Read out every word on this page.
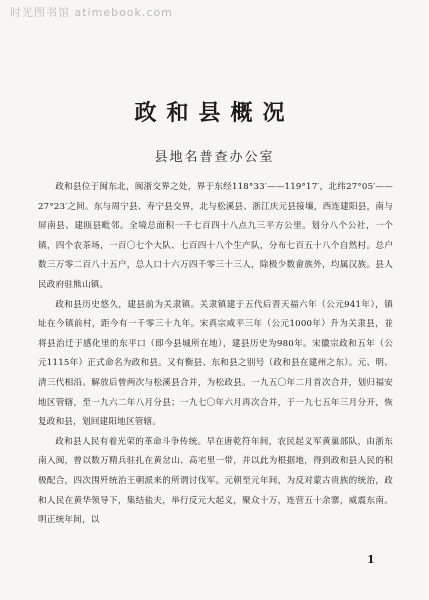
时光图书馆 atimebook.com
政和县概况
县地名普查办公室

政和县位于闽东北，闽浙交界之处，界于东经118°33′——119°17′，北纬27°05′——27°23′之间。东与周宁县、寿宁县交界，北与松溪县、浙江庆元县接壤，西连建阳县，南与屏南县、建瓯县毗邻。全境总面积一千七百四十八点九三平方公里。划分八个公社，一个镇，四个农茶场，一百〇七个大队、七百四十八个生产队，分布七百五十八个自然村。总户数三万零二百八十五户，总人口十六万四千零三十三人，除极少数畲族外，均属汉族。县人民政府驻熊山镇。

政和县历史悠久，建县前为关隶镇。关隶镇建于五代后晋天福六年（公元941年），镇址在今镇前村，距今有一千零三十九年。宋真宗咸平三年（公元1000年）升为关隶县，並将县治迁于感化里的东平口（即今县城所在地），建县历史为980年。宋徽宗政和五年（公元1115年）正式命名为政和县。又有衡县、东和县之别号（政和县在建州之东）。元、明、清三代相沿。解放后曾两次与松溪县合并，为松政县。一九五〇年二月首次合并，划归福安地区管辖，至一九六二年八月分县；一九七〇年六月再次合并，于一九七五年三月分开，恢复政和县，划回建阳地区管辖。

政和县人民有着光荣的革命斗争传统。早在唐乾符年间，农民起义军黄巢部队，由浙东南入闽，曾以数万精兵驻扎在黄岔山、高宅里一带，并以此为根据地，得到政和县人民的积极配合，四次围歼统治王朝派来的所谓讨伐军。元朝至元年间，为反对蒙古贵族的统治，政和人民在黄华领导下，集结盐夫，举行反元大起义，聚众十万，连营五十余寨，威震东南。明正统年间，以

1
